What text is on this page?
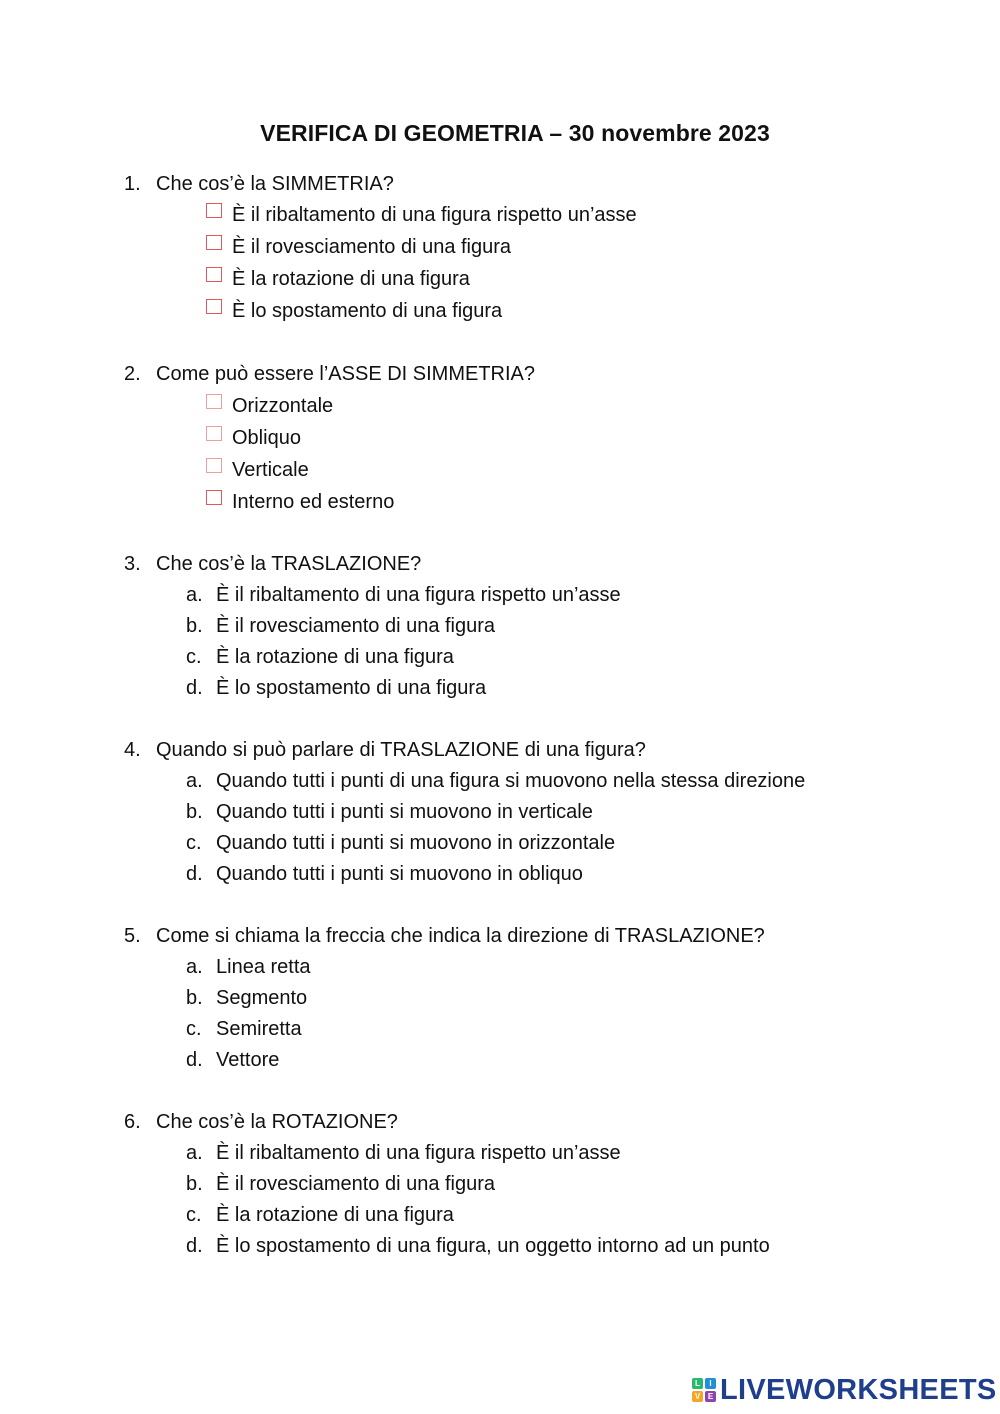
VERIFICA DI GEOMETRIA – 30 novembre 2023
1. Che cos’è la SIMMETRIA?
È il ribaltamento di una figura rispetto un’asse
È il rovesciamento di una figura
È la rotazione di una figura
È lo spostamento di una figura
2. Come può essere l’ASSE DI SIMMETRIA?
Orizzontale
Obliquo
Verticale
Interno ed esterno
3. Che cos’è la TRASLAZIONE?
a. È il ribaltamento di una figura rispetto un’asse
b. È il rovesciamento di una figura
c. È la rotazione di una figura
d. È lo spostamento di una figura
4. Quando si può parlare di TRASLAZIONE di una figura?
a. Quando tutti i punti di una figura si muovono nella stessa direzione
b. Quando tutti i punti si muovono in verticale
c. Quando tutti i punti si muovono in orizzontale
d. Quando tutti i punti si muovono in obliquo
5. Come si chiama la freccia che indica la direzione di TRASLAZIONE?
a. Linea retta
b. Segmento
c. Semiretta
d. Vettore
6. Che cos’è la ROTAZIONE?
a. È il ribaltamento di una figura rispetto un’asse
b. È il rovesciamento di una figura
c. È la rotazione di una figura
d. È lo spostamento di una figura, un oggetto intorno ad un punto
L	I
V E LIVEWORKSHEETS
